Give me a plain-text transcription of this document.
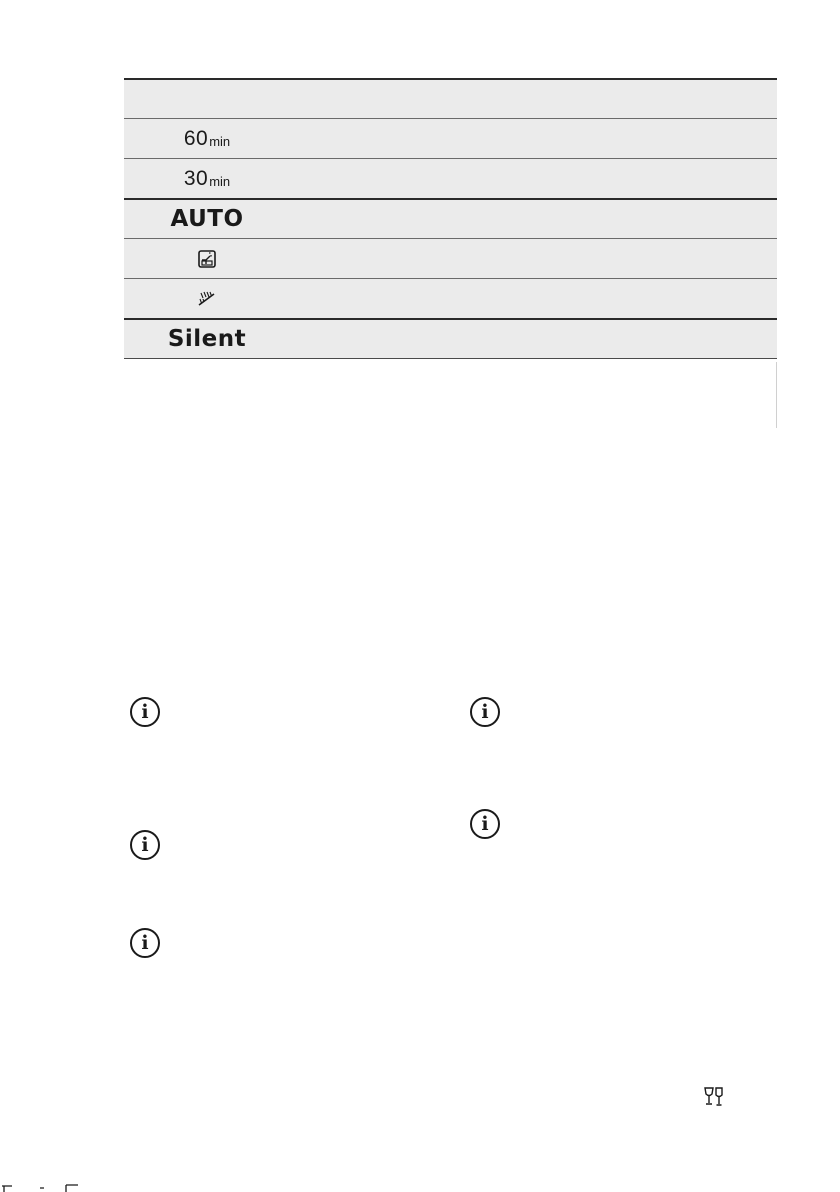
60 min
30 min
AUTO
Silent
i
i
i
i
i
